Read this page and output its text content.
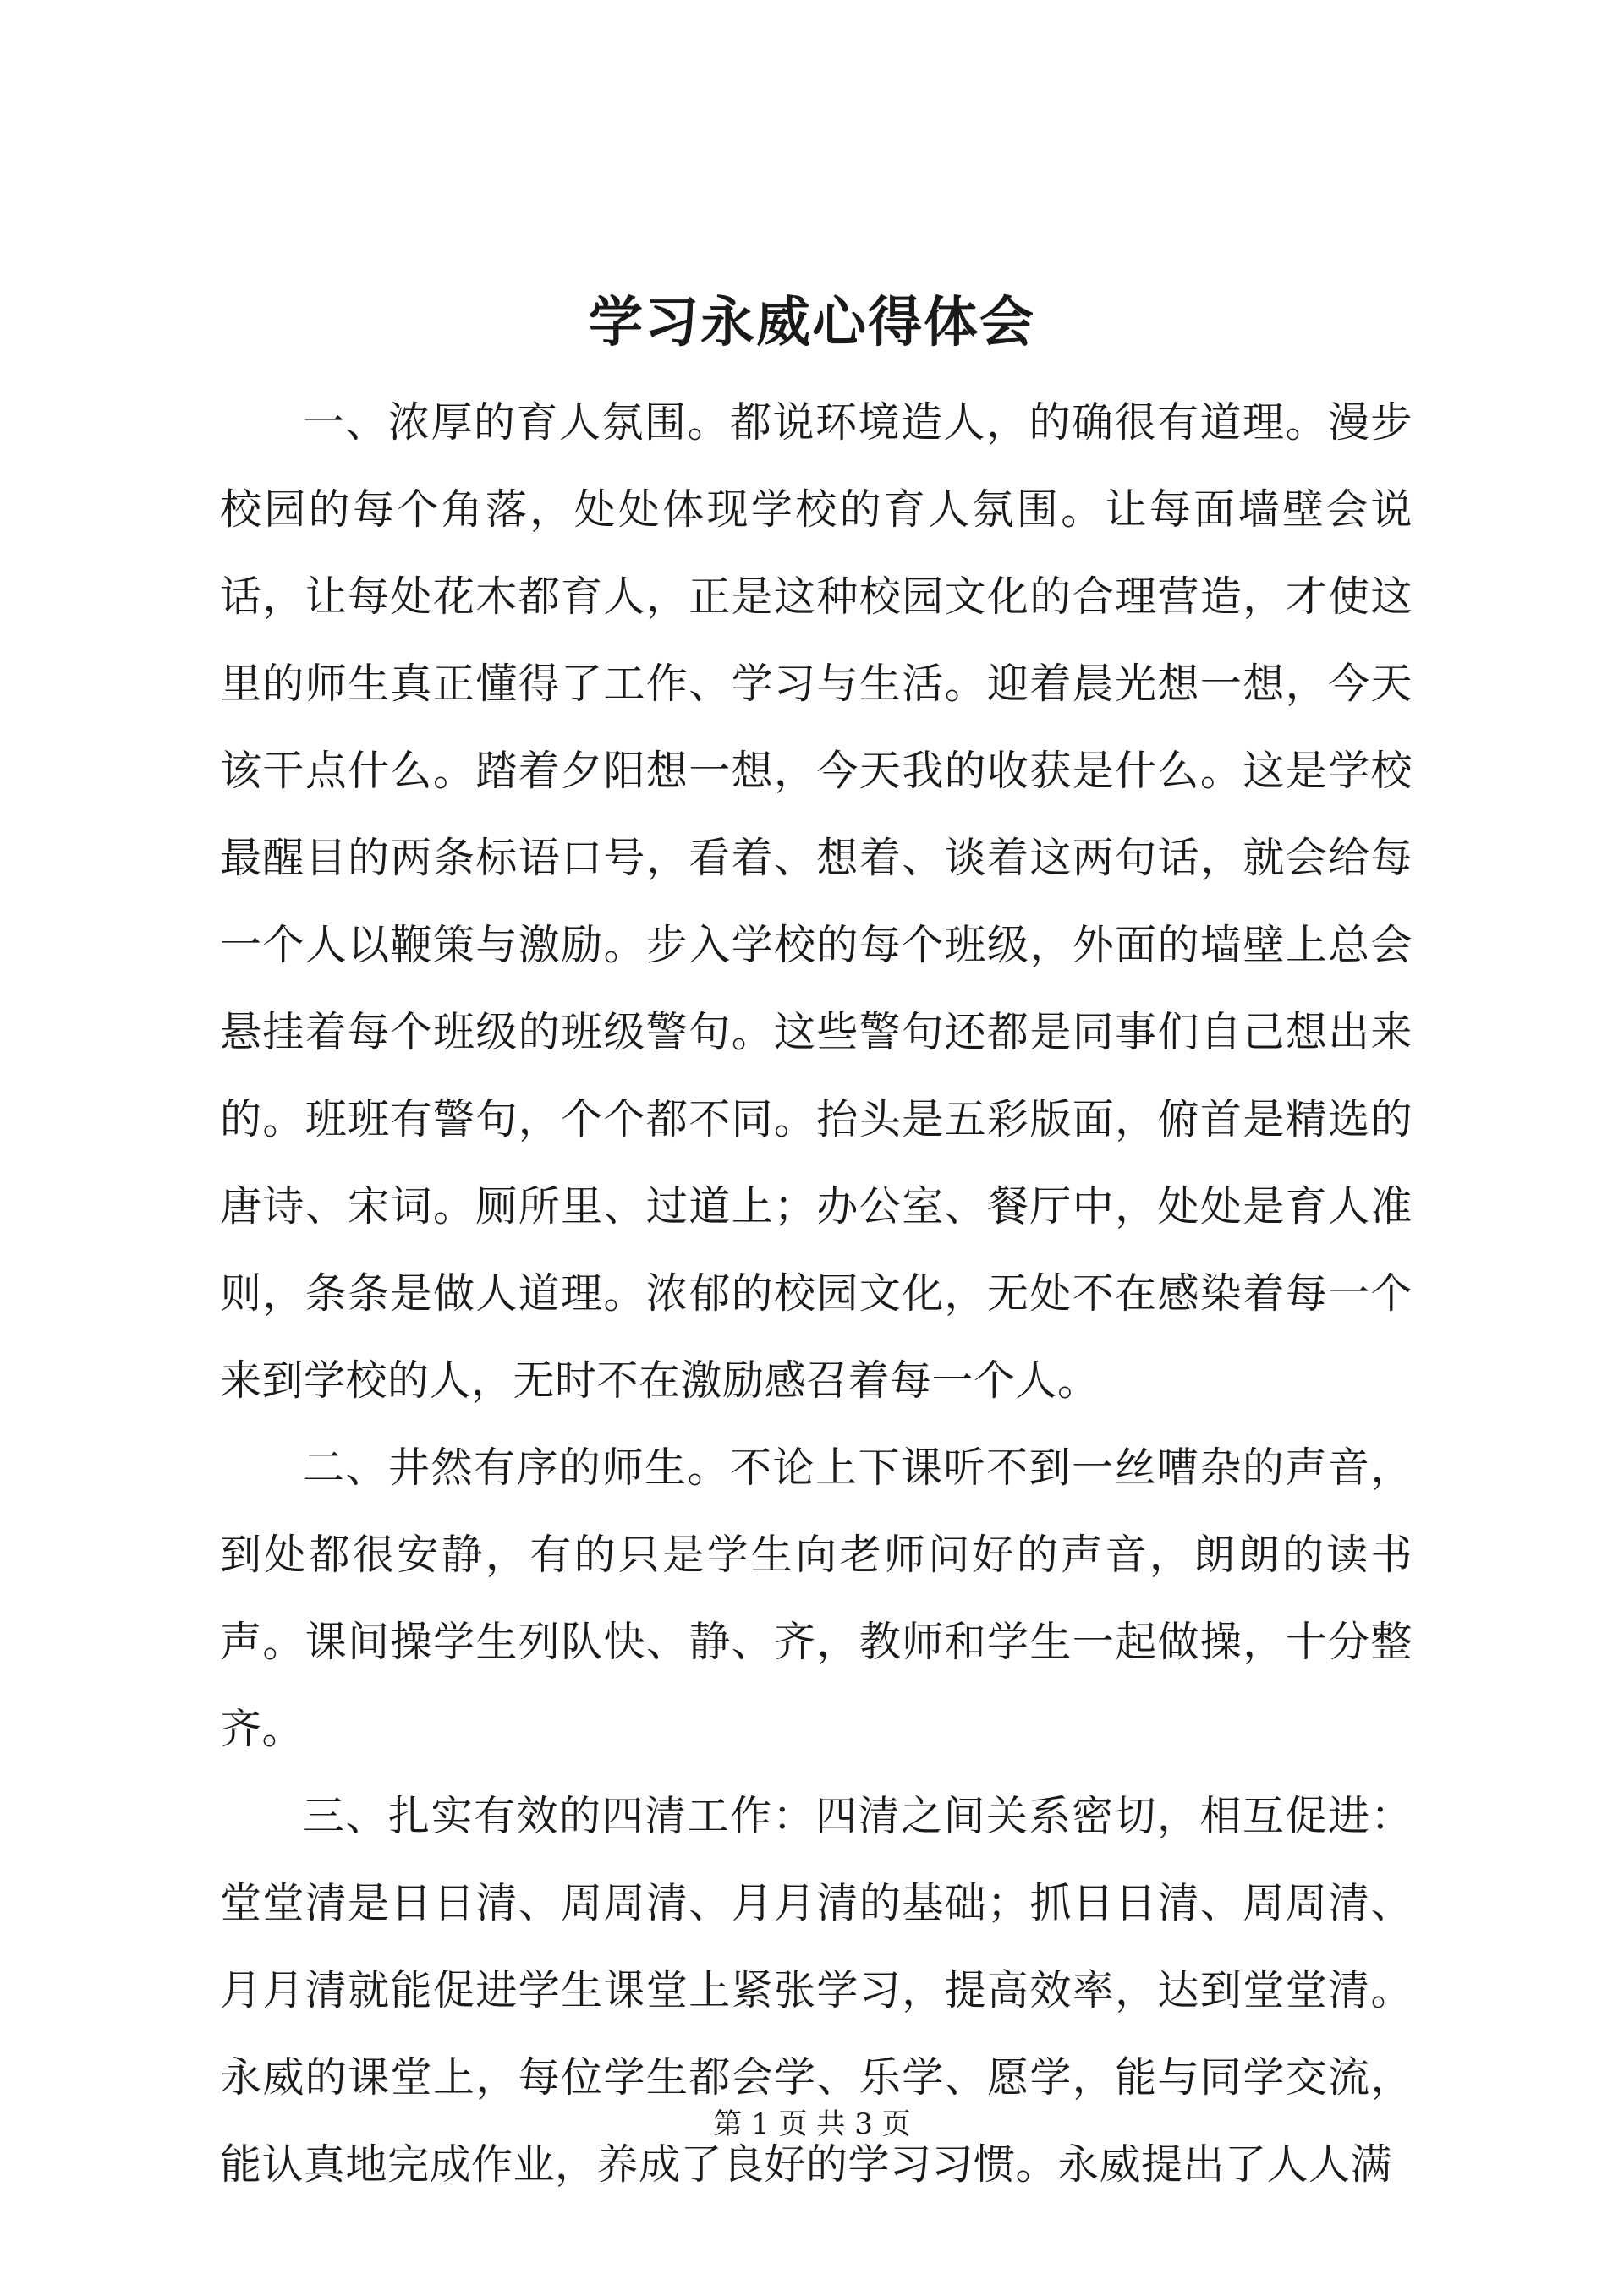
学习永威心得体会

一、浓厚的育人氛围。都说环境造人，的确很有道理。漫步校园的每个角落，处处体现学校的育人氛围。让每面墙壁会说话，让每处花木都育人，正是这种校园文化的合理营造，才使这里的师生真正懂得了工作、学习与生活。迎着晨光想一想，今天该干点什么。踏着夕阳想一想，今天我的收获是什么。这是学校最醒目的两条标语口号，看着、想着、谈着这两句话，就会给每一个人以鞭策与激励。步入学校的每个班级，外面的墙壁上总会悬挂着每个班级的班级警句。这些警句还都是同事们自己想出来的。班班有警句，个个都不同。抬头是五彩版面，俯首是精选的唐诗、宋词。厕所里、过道上；办公室、餐厅中，处处是育人准则，条条是做人道理。浓郁的校园文化，无处不在感染着每一个来到学校的人，无时不在激励感召着每一个人。

二、井然有序的师生。不论上下课听不到一丝嘈杂的声音，到处都很安静，有的只是学生向老师问好的声音，朗朗的读书声。课间操学生列队快、静、齐，教师和学生一起做操，十分整齐。

三、扎实有效的四清工作：四清之间关系密切，相互促进：堂堂清是日日清、周周清、月月清的基础；抓日日清、周周清、月月清就能促进学生课堂上紧张学习，提高效率，达到堂堂清。永威的课堂上，每位学生都会学、乐学、愿学，能与同学交流，能认真地完成作业，养成了良好的学习习惯。永威提出了人人满

第 1 页 共 3 页
